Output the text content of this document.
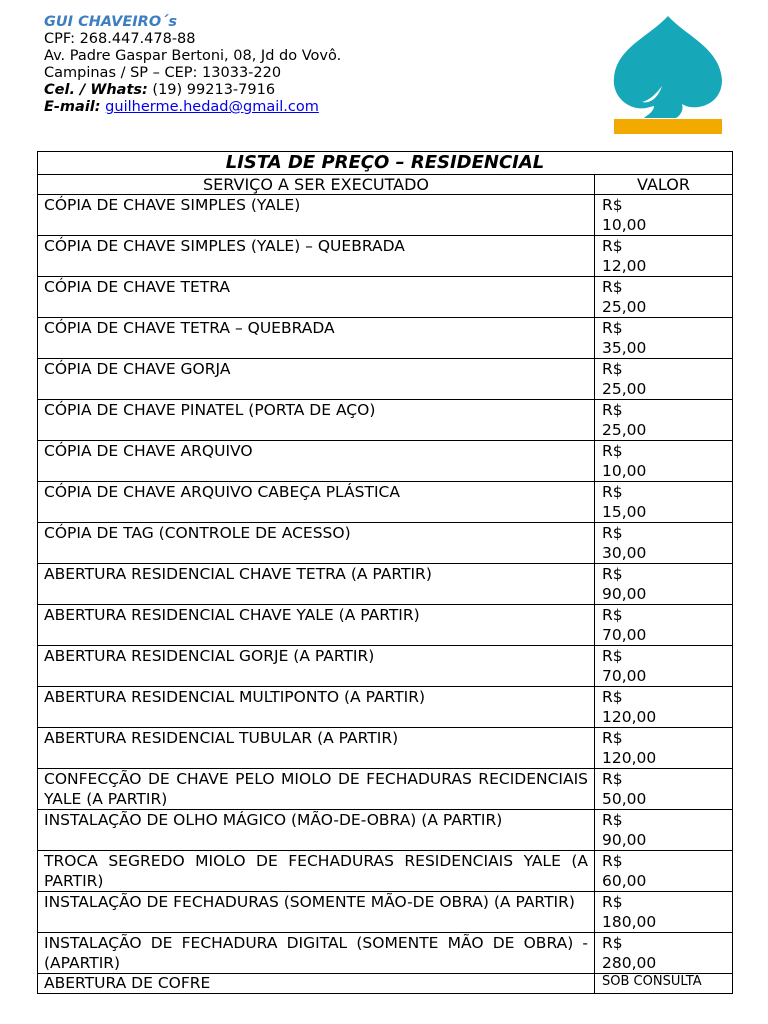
GUI CHAVEIRO´s
CPF: 268.447.478-88
Av. Padre Gaspar Bertoni, 08, Jd do Vovô.
Campinas / SP – CEP: 13033-220
Cel. / Whats: (19) 99213-7916
E-mail: guilherme.hedad@gmail.com
LISTA DE PREÇO – RESIDENCIAL	
SERVIÇO A SER EXECUTADO	VALOR
CÓPIA DE CHAVE SIMPLES (YALE)	R$
10,00

CÓPIA DE CHAVE SIMPLES (YALE) – QUEBRADA	R$
12,00

CÓPIA DE CHAVE TETRA	R$
25,00

CÓPIA DE CHAVE TETRA – QUEBRADA	R$
35,00

CÓPIA DE CHAVE GORJA	R$
25,00

CÓPIA DE CHAVE PINATEL (PORTA DE AÇO)	R$
25,00

CÓPIA DE CHAVE ARQUIVO	R$
10,00

CÓPIA DE CHAVE ARQUIVO CABEÇA PLÁSTICA	R$
15,00

CÓPIA DE TAG (CONTROLE DE ACESSO)	R$
30,00

ABERTURA RESIDENCIAL CHAVE TETRA (A PARTIR)	R$
90,00

ABERTURA RESIDENCIAL CHAVE YALE (A PARTIR)	R$
70,00

ABERTURA RESIDENCIAL GORJE (A PARTIR)	R$
70,00

ABERTURA RESIDENCIAL MULTIPONTO (A PARTIR)	R$
120,00

ABERTURA RESIDENCIAL TUBULAR (A PARTIR)	R$
120,00

CONFECÇÃO DE CHAVE PELO MIOLO DE FECHADURAS RECIDENCIAIS YALE (A PARTIR)	R$
50,00

INSTALAÇÃO DE OLHO MÁGICO (MÃO-DE-OBRA) (A PARTIR)	R$
90,00

TROCA SEGREDO MIOLO DE FECHADURAS RESIDENCIAIS YALE (A PARTIR)	R$
60,00

INSTALAÇÃO DE FECHADURAS (SOMENTE MÃO-DE OBRA) (A PARTIR)	R$
180,00

INSTALAÇÃO DE FECHADURA DIGITAL (SOMENTE MÃO DE OBRA) - (APARTIR)	R$
280,00

ABERTURA DE COFRE	SOB CONSULTA
